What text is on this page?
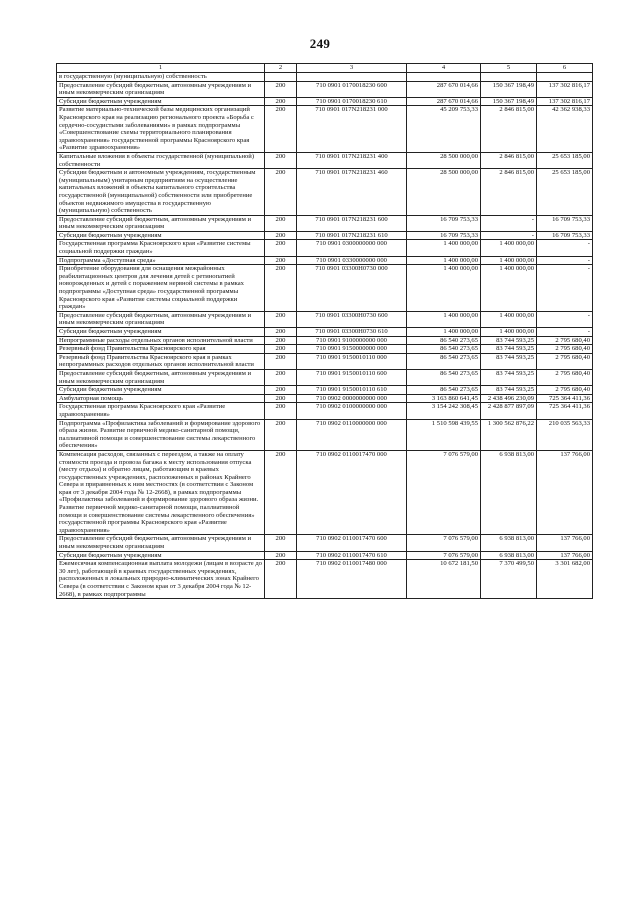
249
1	2	3	4	5	6
в государственную (муниципальную) собственность					
Предоставление субсидий бюджетным, автономным учреждениям и иным некоммерческим организациям	200	710 0901 0170018230 600	287 670 014,66	150 367 198,49	137 302 816,17
Субсидии бюджетным учреждениям	200	710 0901 0170018230 610	287 670 014,66	150 367 198,49	137 302 816,17
Развитие материально-технической базы медицинских организаций Красноярского края на реализацию регионального проекта «Борьба с сердечно-сосудистыми заболеваниями» в рамках подпрограммы «Совершенствование схемы территориального планирования здравоохранения» государственной программы Красноярского края «Развитие здравоохранения»	200	710 0901 017N218231 000	45 209 753,33	2 846 815,00	42 362 938,33
Капитальные вложения в объекты государственной (муниципальной) собственности	200	710 0901 017N218231 400	28 500 000,00	2 846 815,00	25 653 185,00
Субсидии бюджетным и автономным учреждениям, государственным (муниципальным) унитарным предприятиям на осуществление капитальных вложений в объекты капитального строительства государственной (муниципальной) собственности или приобретение объектов недвижимого имущества в государственную (муниципальную) собственность	200	710 0901 017N218231 460	28 500 000,00	2 846 815,00	25 653 185,00
Предоставление субсидий бюджетным, автономным учреждениям и иным некоммерческим организациям	200	710 0901 017N218231 600	16 709 753,33	-	16 709 753,33
Субсидии бюджетным учреждениям	200	710 0901 017N218231 610	16 709 753,33	-	16 709 753,33
Государственная программа Красноярского края «Развитие системы социальной поддержки граждан»	200	710 0901 0300000000 000	1 400 000,00	1 400 000,00	-
Подпрограмма «Доступная среда»	200	710 0901 0330000000 000	1 400 000,00	1 400 000,00	-
Приобретение оборудования для оснащения межрайонных реабилитационных центров для лечения детей с ретинопатией новорожденных и детей с поражением нервной системы в рамках подпрограммы «Доступная среда» государственной программы Красноярского края «Развитие системы социальной поддержки граждан»	200	710 0901 03300Н0730 000	1 400 000,00	1 400 000,00	-
Предоставление субсидий бюджетным, автономным учреждениям и иным некоммерческим организациям	200	710 0901 03300Н0730 600	1 400 000,00	1 400 000,00	-
Субсидии бюджетным учреждениям	200	710 0901 03300Н0730 610	1 400 000,00	1 400 000,00	-
Непрограммные расходы отдельных органов исполнительной власти	200	710 0901 9100000000 000	86 540 273,65	83 744 593,25	2 795 680,40
Резервный фонд Правительства Красноярского края	200	710 0901 9150000000 000	86 540 273,65	83 744 593,25	2 795 680,40
Резервный фонд Правительства Красноярского края в рамках непрограммных расходов отдельных органов исполнительной власти	200	710 0901 9150010110 000	86 540 273,65	83 744 593,25	2 795 680,40
Предоставление субсидий бюджетным, автономным учреждениям и иным некоммерческим организациям	200	710 0901 9150010110 600	86 540 273,65	83 744 593,25	2 795 680,40
Субсидии бюджетным учреждениям	200	710 0901 9150010110 610	86 540 273,65	83 744 593,25	2 795 680,40
Амбулаторная помощь	200	710 0902 0000000000 000	3 163 860 641,45	2 438 496 230,09	725 364 411,36
Государственная программа Красноярского края «Развитие здравоохранения»	200	710 0902 0100000000 000	3 154 242 308,45	2 428 877 897,09	725 364 411,36
Подпрограмма «Профилактика заболеваний и формирование здорового образа жизни. Развитие первичной медико-санитарной помощи, паллиативной помощи и совершенствование системы лекарственного обеспечения»	200	710 0902 0110000000 000	1 510 598 439,55	1 300 562 876,22	210 035 563,33
Компенсация расходов, связанных с переездом, а также на оплату стоимости проезда и провоза багажа к месту использования отпуска (месту отдыха) и обратно лицам, работающим в краевых государственных учреждениях, расположенных в районах Крайнего Севера и приравненных к ним местностях (в соответствии с Законом края от 3 декабря 2004 года № 12-2668), в рамках подпрограммы «Профилактика заболеваний и формирование здорового образа жизни. Развитие первичной медико-санитарной помощи, паллиативной помощи и совершенствование системы лекарственного обеспечения» государственной программы Красноярского края «Развитие здравоохранения»	200	710 0902 0110017470 000	7 076 579,00	6 938 813,00	137 766,00
Предоставление субсидий бюджетным, автономным учреждениям и иным некоммерческим организациям	200	710 0902 0110017470 600	7 076 579,00	6 938 813,00	137 766,00
Субсидии бюджетным учреждениям	200	710 0902 0110017470 610	7 076 579,00	6 938 813,00	137 766,00
Ежемесячная компенсационная выплата молодежи (лицам в возрасте до 30 лет), работающей в краевых государственных учреждениях, расположенных в локальных природно-климатических зонах Крайнего Севера (в соответствии с Законом края от 3 декабря 2004 года № 12-2668), в рамках подпрограммы	200	710 0902 0110017480 000	10 672 181,50	7 370 499,50	3 301 682,00
